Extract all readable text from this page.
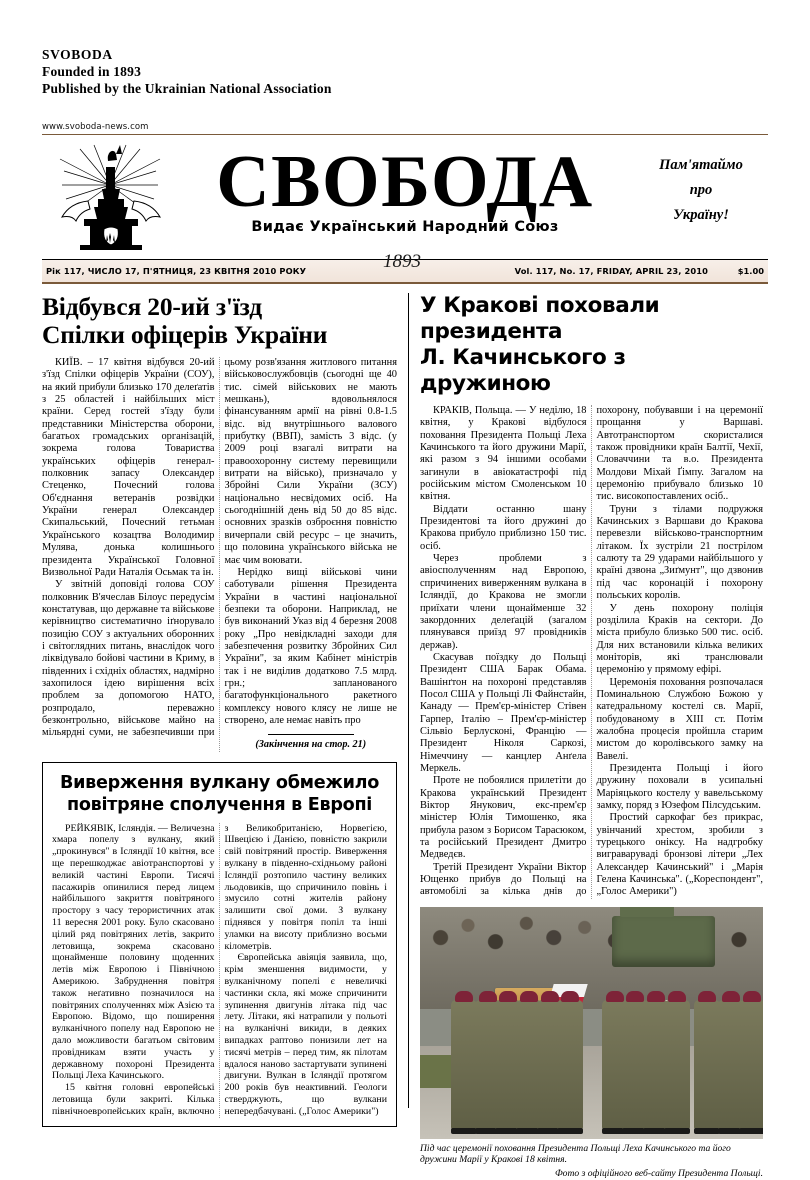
SVOBODA
Founded in 1893
Published by the Ukrainian National Association
www.svoboda-news.com
СВОБОДА
Видає Український Народний Союз
Пам'ятаймо
про
Україну!
Рік 117, ЧИСЛО 17, П'ЯТНИЦЯ, 23 КВІТНЯ 2010 РОКУ	1893	Vol. 117, No. 17, FRIDAY, APRIL 23, 2010	$1.00
Відбувся 20-ий з'їзд
Спілки офіцерів України

КИЇВ. – 17 квітня відбувся 20-ий з'їзд Спілки офіцерів України (СОУ), на який прибули близько 170 делеґатів з 25 областей і найбільших міст країни. Серед гостей з'їзду були представники Міністерства оборони, багатьох громадських організацій, зокрема голова Товариства українських офіцерів генерал-полковник запасу Олександер Стеценко, Почесний голова Об'єднання ветеранів розвідки України генерал Олександер Скипальський, Почесний гетьман Українського козацтва Володимир Мулява, донька колишнього президента Української Головної Визвольної Ради Наталія Осьмак та ін.

У звітній доповіді голова СОУ полковник В'ячеслав Білоус передусім констатував, що державне та військове керівництво систематично іґнорувало позицію СОУ з актуальних оборонних і світоглядних питань, внаслідок чого ліквідувало бойові частини в Криму, в південних і східніх областях, надмірно захопилося ідею вирішення всіх проблем за допомогою НАТО, розпродало, переважно безконтрольно, військове майно на мільярдні суми, не забезпечивши при цьому розв'язання житлового питання військовослужбовців (сьогодні ще 40 тис. сімей військових не мають мешкань), вдовольнялося фінансуванням армії на рівні 0.8-1.5 відс. від внутрішнього валового прибутку (ВВП), замість 3 відс. (у 2009 році взагалі витрати на правоохоронну систему перевищили витрати на військо), призначало у Збройні Сили України (ЗСУ) національно несвідомих осіб. На сьогоднішній день від 50 до 85 відс. основних зразків озброєння повністю вичерпали свій ресурс – це значить, що половина українського війська не має чим воювати.

Нерідко вищі військові чини саботували рішення Президента України в частині національної безпеки та оборони. Наприклад, не був виконаний Указ від 4 березня 2008 року „Про невідкладні заходи для забезпечення розвитку Збройних Сил України", за яким Кабінет міністрів так і не виділив додатково 7.5 млрд. грн.; запланованого багатофункціонального ракетного комплексу нового клясу не лише не створено, але немає навіть про

(Закінчення на стор. 21)
Виверження вулкану обмежило
повітряне сполучення в Европі

РЕЙКЯВІК, Ісляндія. — Величезна хмара попелу з вулкану, який „прокинувся" в Ісляндії 10 квітня, все ще перешкоджає авіотранспортові у великій частині Европи. Тисячі пасажирів опинилися перед лицем найбільшого закриття повітряного простору з часу терористичних атак 11 вересня 2001 року. Було скасовано цілий ряд повітряних летів, закрито летовища, зокрема скасовано щонайменше половину щоденних летів між Европою і Північною Америкою. Забруднення повітря також неґативно позначилося на повітряних сполученнях між Азією та Европою. Відомо, що поширення вулканічного попелу над Европою не дало можливости багатьом світовим провідникам взяти участь у державному похороні Президента Польщі Леха Качинського.

15 квітня головні европейські летовища були закриті. Кілька північноевропейських країн, включно з Великобританією, Норвегією, Швецією і Данією, повністю закрили свій повітряний простір. Виверження вулкану в південно-східньому районі Ісляндії розтопило частину великих льодовиків, що спричинило повінь і змусило сотні жителів району залишити свої доми. З вулкану піднявся у повітря попіл та інші уламки на висоту приблизно восьми кілометрів.

Європейська авіяція заявила, що, крім зменшення видимости, у вулканічному попелі є невеличкі частинки скла, які може спричинити зупинення двигунів літака під час лету. Літаки, які натрапили у польоті на вулканічні викиди, в деяких випадках раптово понизили лет на тисячі метрів – перед тим, як пілотам вдалося наново застартувати зупинені двигуни. Вулкан в Ісляндії протягом 200 років був неактивний. Геологи стверджують, що вулкани непередбачувані. („Голос Америки")

У Кракові поховали президента
Л. Качинського з дружиною

КРАКІВ, Польща. — У неділю, 18 квітня, у Кракові відбулося поховання Президента Польщі Леха Качинського та його дружини Марії, які разом з 94 іншими особами загинули в авіокатастрофі під російським містом Смоленськом 10 квітня.

Віддати останню шану Президентові та його дружині до Кракова прибуло приблизно 150 тис. осіб.

Через проблеми з авіосполученням над Европою, спричинених виверженням вулкана в Ісляндії, до Кракова не змогли приїхати члени щонайменше 32 закордонних делеґацій (загалом плянувався приїзд 97 провідників держав).

Скасував поїздку до Польщі Президент США Барак Обама. Вашінґтон на похороні представляв Посол США у Польщі Лі Файнстайн, Канаду — Прем'єр-міністер Стівен Гарпер, Італію – Прем'єр-міністер Сільвіо Берлусконі, Францію — Президент Ніколя Саркозі, Німеччину — канцлер Анґела Меркель.

Проте не побоялися прилетіти до Кракова український Президент Віктор Янукович, екс-прем'єр міністер Юлія Тимошенко, яка прибула разом з Борисом Тарасюком, та російський Президент Дмитро Медведєв.

Третій Президент України Віктор Ющенко прибув до Польщі на автомобілі за кілька днів до похорону, побувавши і на церемонії прощання у Варшаві. Автотранспортом скористалися також провідники країн Балтії, Чехії, Словаччини та в.о. Президента Молдови Міхай Ґімпу. Загалом на церемонію прибувало близько 10 тис. високопоставлених осіб..

Труни з тілами подружжя Качинських з Варшави до Кракова перевезли військово-транспортним літаком. Їх зустріли 21 пострілом салюту та 29 ударами найбільшого у країні дзвона „Зиґмунт", що дзвонив під час коронацій і похорону польських королів.

У день похорону поліція розділила Краків на сектори. До міста прибуло близько 500 тис. осіб. Для них встановили кілька великих моніторів, які транслювали церемонію у прямому ефірі.

Церемонія поховання розпочалася Поминальною Службою Божою у катедральному костелі св. Марії, побудованому в XIII ст. Потім жалобна процесія пройшла старим мистом до королівського замку на Вавелі.

Президента Польщі і його дружину поховали в усипальні Маріяцького костелу у вавельському замку, поряд з Юзефом Пілсудським.

Простий саркофаг без прикрас, увінчаний хрестом, зробили з турецького оніксу. На надгробку виграваруваді бронзові літери „Лех Александер Качинський" і „Марія Гелена Качинська". („Кореспондент", „Голос Америки")

Під час церемонії поховання Президента Польщі Леха Качинського та його дружини Марії у Кракові 18 квітня.
Фото з офіційного веб-сайту Президента Польщі.
